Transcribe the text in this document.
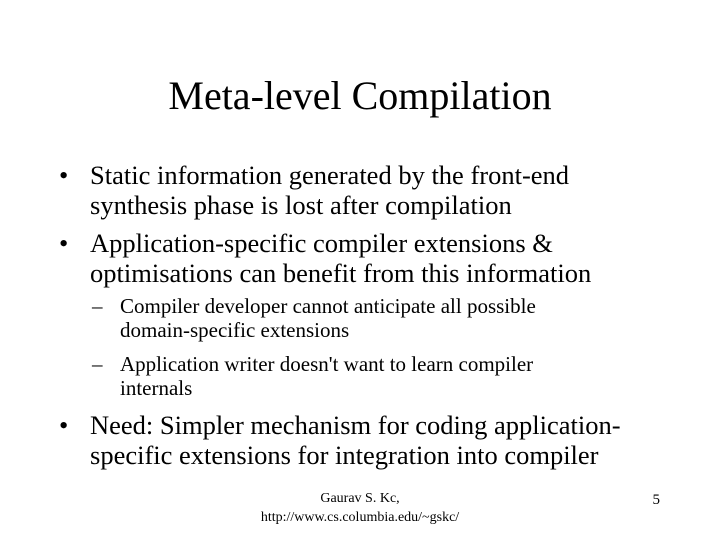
Meta-level Compilation
• Static information generated by the front-end
synthesis phase is lost after compilation
• Application-specific compiler extensions &
optimisations can benefit from this information
– Compiler developer cannot anticipate all possible
domain-specific extensions
– Application writer doesn't want to learn compiler
internals
• Need: Simpler mechanism for coding application-
specific extensions for integration into compiler
Gaurav S. Kc,
http://www.cs.columbia.edu/~gskc/
5
